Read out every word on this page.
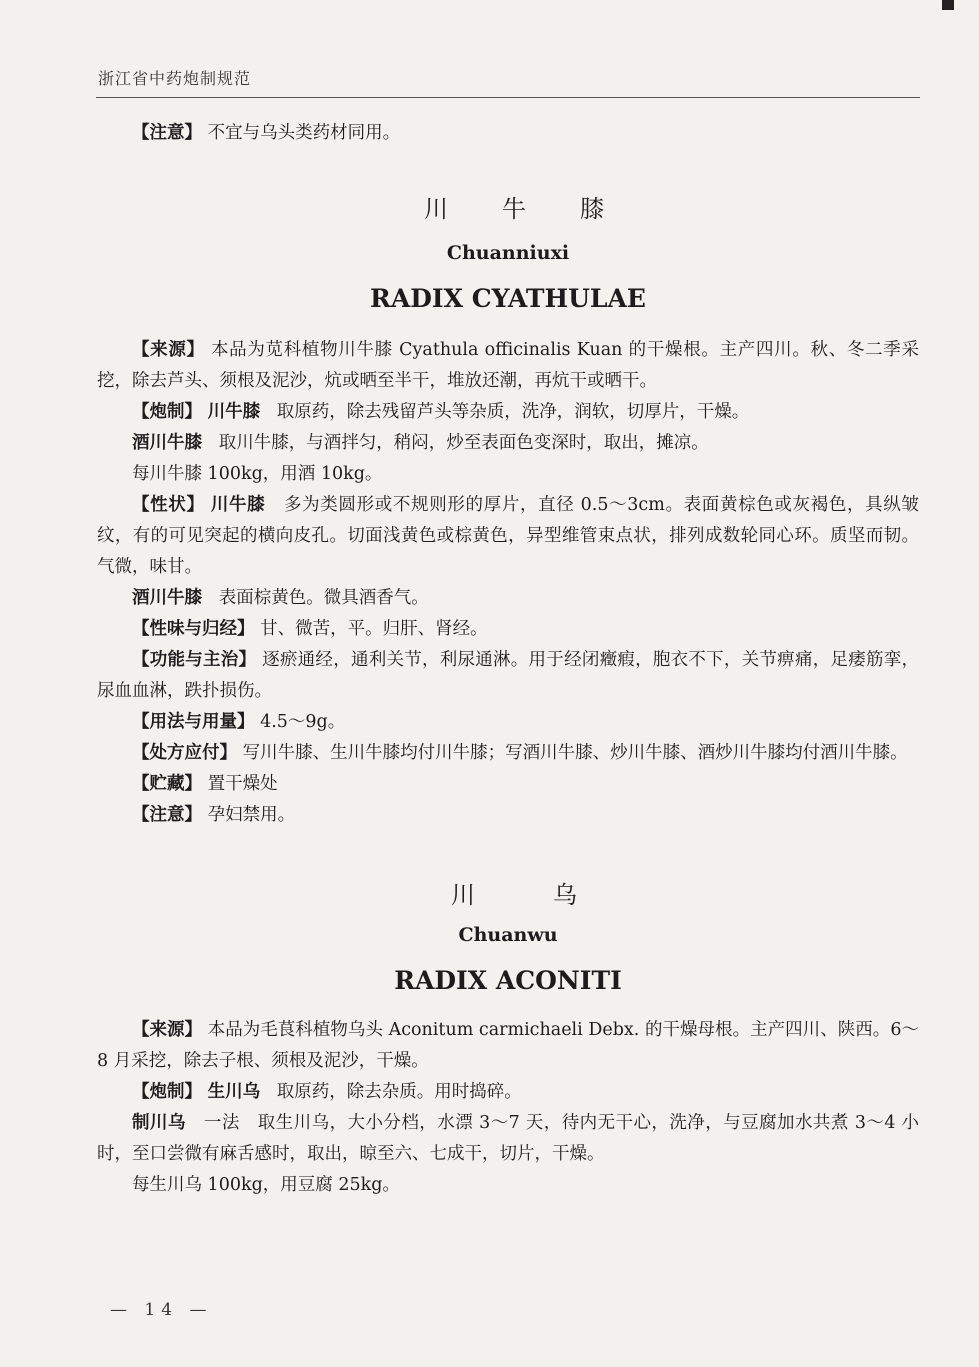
浙江省中药炮制规范

【注意】 不宜与乌头类药材同用。

川 牛 膝
Chuanniuxi
RADIX CYATHULAE

【来源】 本品为苋科植物川牛膝 Cyathula officinalis Kuan 的干燥根。主产四川。秋、冬二季采挖，除去芦头、须根及泥沙，炕或晒至半干，堆放还潮，再炕干或晒干。

【炮制】 川牛膝 取原药，除去残留芦头等杂质，洗净，润软，切厚片，干燥。

酒川牛膝 取川牛膝，与酒拌匀，稍闷，炒至表面色变深时，取出，摊凉。

每川牛膝 100kg，用酒 10kg。

【性状】 川牛膝 多为类圆形或不规则形的厚片，直径 0.5～3cm。表面黄棕色或灰褐色，具纵皱纹，有的可见突起的横向皮孔。切面浅黄色或棕黄色，异型维管束点状，排列成数轮同心环。质坚而韧。气微，味甘。

酒川牛膝 表面棕黄色。微具酒香气。

【性味与归经】 甘、微苦，平。归肝、肾经。

【功能与主治】 逐瘀通经，通利关节，利尿通淋。用于经闭癥瘕，胞衣不下，关节痹痛，足痿筋挛，尿血血淋，跌扑损伤。

【用法与用量】 4.5～9g。

【处方应付】 写川牛膝、生川牛膝均付川牛膝；写酒川牛膝、炒川牛膝、酒炒川牛膝均付酒川牛膝。

【贮藏】 置干燥处

【注意】 孕妇禁用。

川	乌
Chuanwu
RADIX ACONITI

【来源】 本品为毛茛科植物乌头 Aconitum carmichaeli Debx. 的干燥母根。主产四川、陕西。6～8 月采挖，除去子根、须根及泥沙，干燥。

【炮制】 生川乌 取原药，除去杂质。用时捣碎。

制川乌 一法 取生川乌，大小分档，水漂 3～7 天，待内无干心，洗净，与豆腐加水共煮 3～4 小时，至口尝微有麻舌感时，取出，晾至六、七成干，切片，干燥。

每生川乌 100kg，用豆腐 25kg。

— 14 —
